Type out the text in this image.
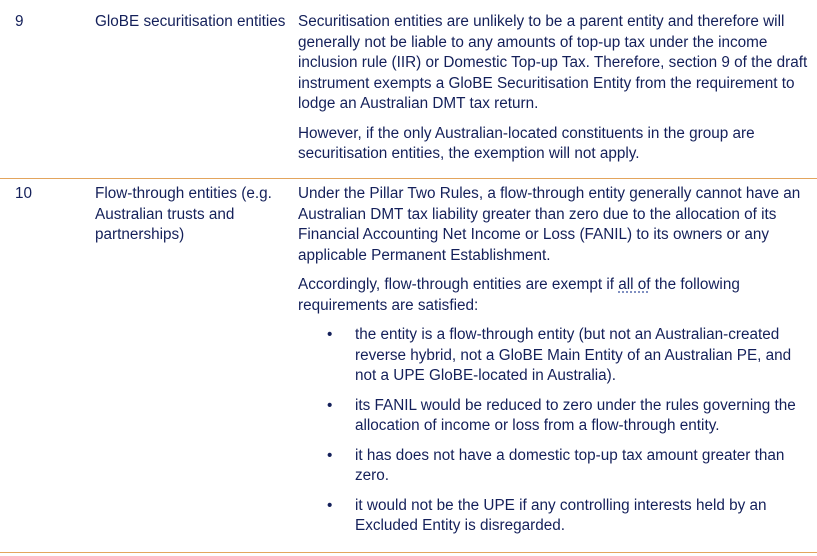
9	GloBE securitisation entities Securitisation entities are unlikely to be a parent entity and therefore will generally not be liable to any amounts of top-up tax under the income inclusion rule (IIR) or Domestic Top-up Tax. Therefore, section 9 of the draft instrument exempts a GloBE Securitisation Entity from the requirement to lodge an Australian DMT tax return.

However, if the only Australian-located constituents in the group are securitisation entities, the exemption will not apply.

10	Flow-through entities (e.g. Australian trusts and partnerships)

Under the Pillar Two Rules, a flow-through entity generally cannot have an Australian DMT tax liability greater than zero due to the allocation of its Financial Accounting Net Income or Loss (FANIL) to its owners or any applicable Permanent Establishment.

Accordingly, flow-through entities are exempt if all of the following requirements are satisfied:

• the entity is a flow-through entity (but not an Australian-created reverse hybrid, not a GloBE Main Entity of an Australian PE, and not a UPE GloBE-located in Australia).
• its FANIL would be reduced to zero under the rules governing the allocation of income or loss from a flow-through entity.
• it has does not have a domestic top-up tax amount greater than zero.
• it would not be the UPE if any controlling interests held by an Excluded Entity is disregarded.
